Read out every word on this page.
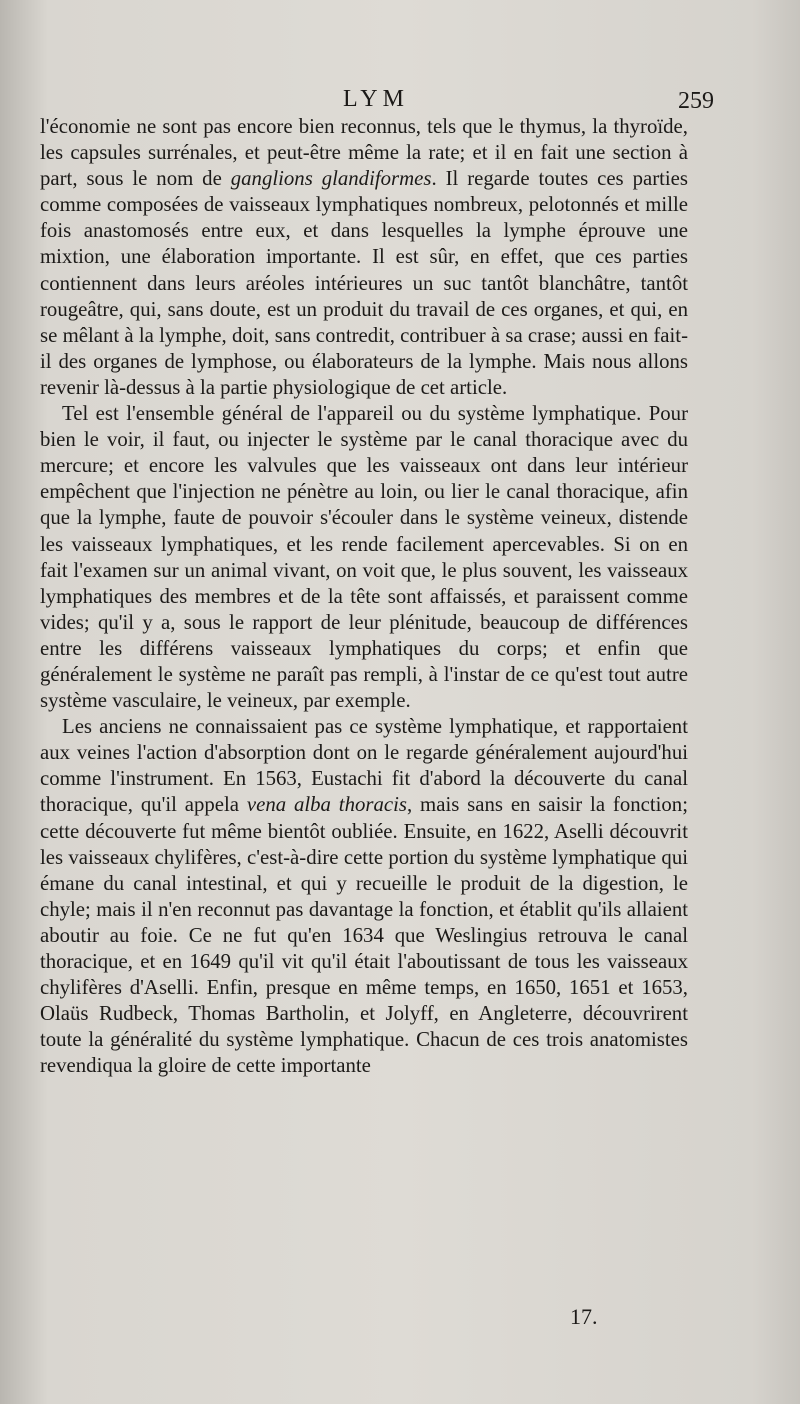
LYM	259

l'économie ne sont pas encore bien reconnus, tels que le thymus, la thyroïde, les capsules surrénales, et peut-être même la rate; et il en fait une section à part, sous le nom de ganglions glandiformes. Il regarde toutes ces parties comme composées de vaisseaux lymphatiques nombreux, pelotonnés et mille fois anastomosés entre eux, et dans lesquelles la lymphe éprouve une mixtion, une élaboration importante. Il est sûr, en effet, que ces parties contiennent dans leurs aréoles intérieures un suc tantôt blanchâtre, tantôt rougeâtre, qui, sans doute, est un produit du travail de ces organes, et qui, en se mêlant à la lymphe, doit, sans contredit, contribuer à sa crase; aussi en fait-il des organes de lymphose, ou élaborateurs de la lymphe. Mais nous allons revenir là-dessus à la partie physiologique de cet article.

Tel est l'ensemble général de l'appareil ou du système lymphatique. Pour bien le voir, il faut, ou injecter le système par le canal thoracique avec du mercure; et encore les valvules que les vaisseaux ont dans leur intérieur empêchent que l'injection ne pénètre au loin, ou lier le canal thoracique, afin que la lymphe, faute de pouvoir s'écouler dans le système veineux, distende les vaisseaux lymphatiques, et les rende facilement apercevables. Si on en fait l'examen sur un animal vivant, on voit que, le plus souvent, les vaisseaux lymphatiques des membres et de la tête sont affaissés, et paraissent comme vides; qu'il y a, sous le rapport de leur plénitude, beaucoup de différences entre les différens vaisseaux lymphatiques du corps; et enfin que généralement le système ne paraît pas rempli, à l'instar de ce qu'est tout autre système vasculaire, le veineux, par exemple.

Les anciens ne connaissaient pas ce système lymphatique, et rapportaient aux veines l'action d'absorption dont on le regarde généralement aujourd'hui comme l'instrument. En 1563, Eustachi fit d'abord la découverte du canal thoracique, qu'il appela vena alba thoracis, mais sans en saisir la fonction; cette découverte fut même bientôt oubliée. Ensuite, en 1622, Aselli découvrit les vaisseaux chylifères, c'est-à-dire cette portion du système lymphatique qui émane du canal intestinal, et qui y recueille le produit de la digestion, le chyle; mais il n'en reconnut pas davantage la fonction, et établit qu'ils allaient aboutir au foie. Ce ne fut qu'en 1634 que Weslingius retrouva le canal thoracique, et en 1649 qu'il vit qu'il était l'aboutissant de tous les vaisseaux chylifères d'Aselli. Enfin, presque en même temps, en 1650, 1651 et 1653, Olaüs Rudbeck, Thomas Bartholin, et Jolyff, en Angleterre, découvrirent toute la généralité du système lymphatique. Chacun de ces trois anatomistes revendiqua la gloire de cette importante

17.
